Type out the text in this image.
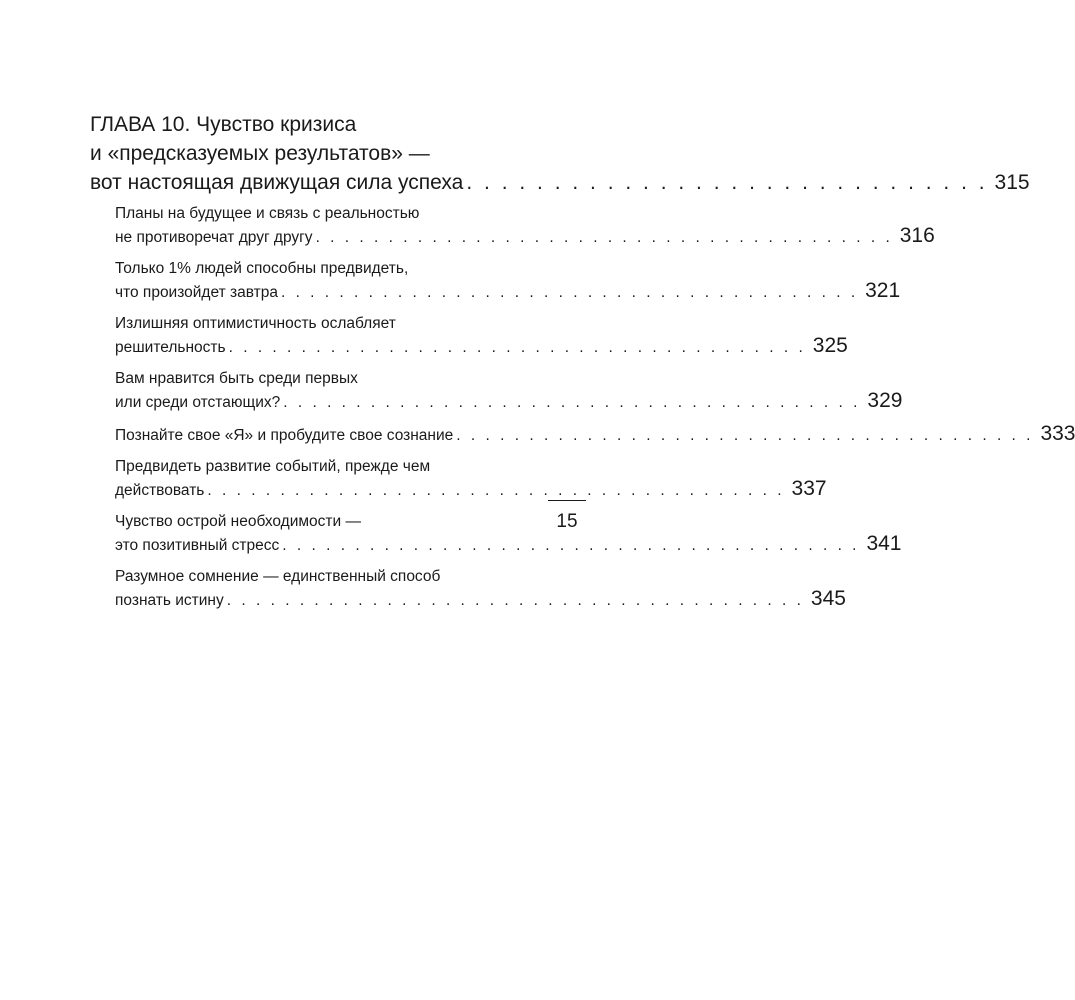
ГЛАВА 10. Чувство кризиса
и «предсказуемых результатов» —
вот настоящая движущая сила успеха . . . . . . . . . . . . . . . . . . . . . . . . . . . . . . 315
Планы на будущее и связь с реальностью
не противоречат друг другу . . . . . . . . . . . . . . . . . . . . . . . . . . . . . . . . . . . . . . . . 316
Только 1% людей способны предвидеть,
что произойдет завтра . . . . . . . . . . . . . . . . . . . . . . . . . . . . . . . . . . . . . . . . 321
Излишняя оптимистичность ослабляет
решительность . . . . . . . . . . . . . . . . . . . . . . . . . . . . . . . . . . . . . . . . 325
Вам нравится быть среди первых
или среди отстающих? . . . . . . . . . . . . . . . . . . . . . . . . . . . . . . . . . . . . . . . . 329
Познайте свое «Я» и пробудите свое сознание . . . . . . . . . . . . . . . . . . . . . . . . . . . . . . . . . . . . . . . . 333
Предвидеть развитие событий, прежде чем
действовать . . . . . . . . . . . . . . . . . . . . . . . . . . . . . . . . . . . . . . . . 337
Чувство острой необходимости —
это позитивный стресс . . . . . . . . . . . . . . . . . . . . . . . . . . . . . . . . . . . . . . . . 341
Разумное сомнение — единственный способ
познать истину . . . . . . . . . . . . . . . . . . . . . . . . . . . . . . . . . . . . . . . . 345
15
